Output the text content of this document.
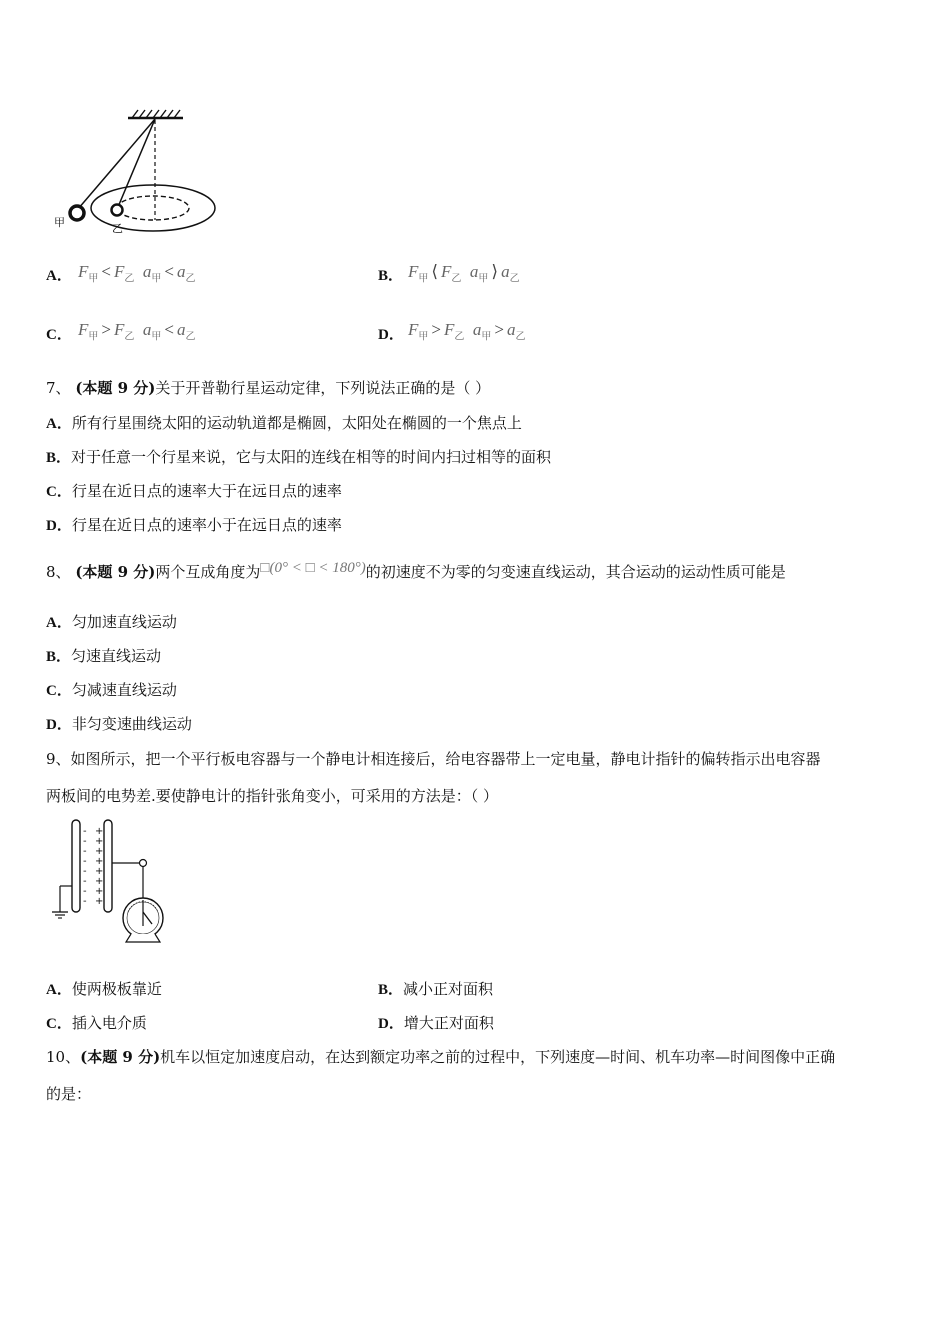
甲	乙
A． $F_甲 < F_乙$ $a_甲 < a_乙$	B． $F_甲$ ⟨ $F_乙$ $a_甲$ ⟩ $a_乙$
C． $F_甲 > F_乙$ $a_甲 < a_乙$	D． $F_甲 > F_乙$ $a_甲 > a_乙$
7、 (本题 9 分)关于开普勒行星运动定律，下列说法正确的是（ ）
A．所有行星围绕太阳的运动轨道都是椭圆，太阳处在椭圆的一个焦点上
B．对于任意一个行星来说，它与太阳的连线在相等的时间内扫过相等的面积
C．行星在近日点的速率大于在远日点的速率
D．行星在近日点的速率小于在远日点的速率
8、 (本题 9 分)两个互成角度为□(0° < □ < 180°)的初速度不为零的匀变速直线运动，其合运动的运动性质可能是
A．匀加速直线运动
B．匀速直线运动
C．匀减速直线运动
D．非匀变速曲线运动
9、如图所示，把一个平行板电容器与一个静电计相连接后，给电容器带上一定电量，静电计指针的偏转指示出电容器
两板间的电势差.要使静电计的指针张角变小，可采用的方法是：（ ）
-
-
-
-
-
-
-
-
+
+
+
+
+
+
+
+
A．使两极板靠近	B．减小正对面积
C．插入电介质	D．增大正对面积
10、(本题 9 分)机车以恒定加速度启动，在达到额定功率之前的过程中，下列速度—时间、机车功率—时间图像中正确
的是：
